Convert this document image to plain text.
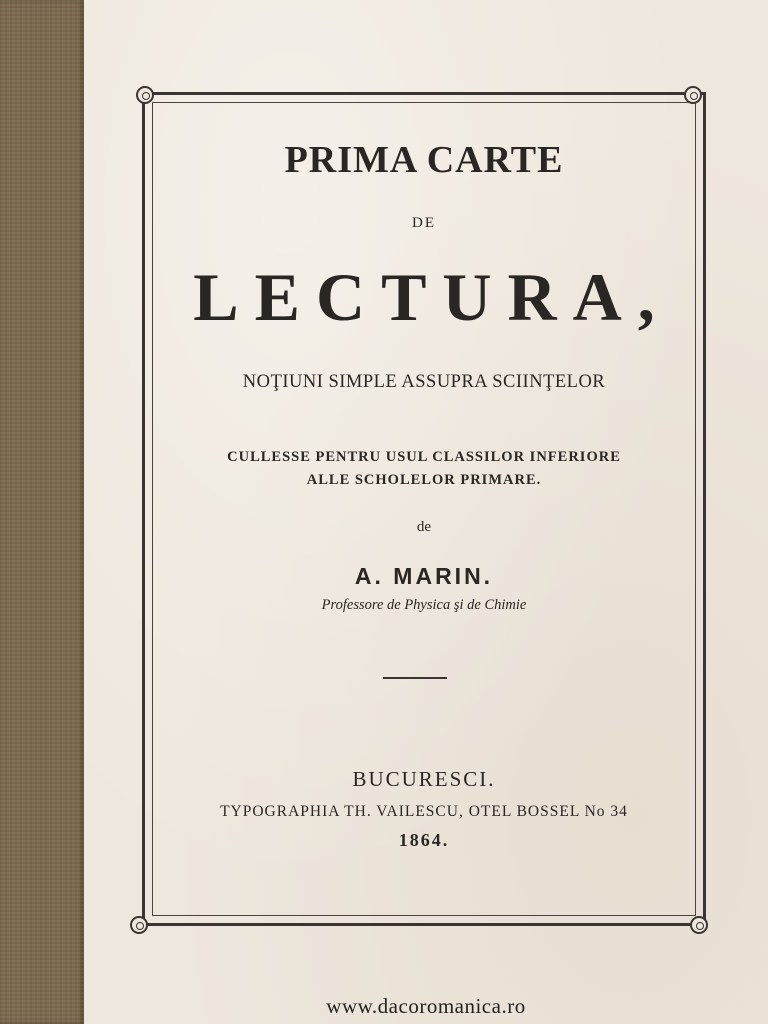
PRIMA CARTE
DE
LECTURA,
NOŢIUNI SIMPLE ASSUPRA SCIINŢELOR
CULLESSE PENTRU USUL CLASSILOR INFERIORE
ALLE SCHOLELOR PRIMARE.
de
A. MARIN.
Professore de Physica şi de Chimie
BUCURESCI.
TYPOGRAPHIA TH. VAILESCU, OTEL BOSSEL No 34
1864.
www.dacoromanica.ro
